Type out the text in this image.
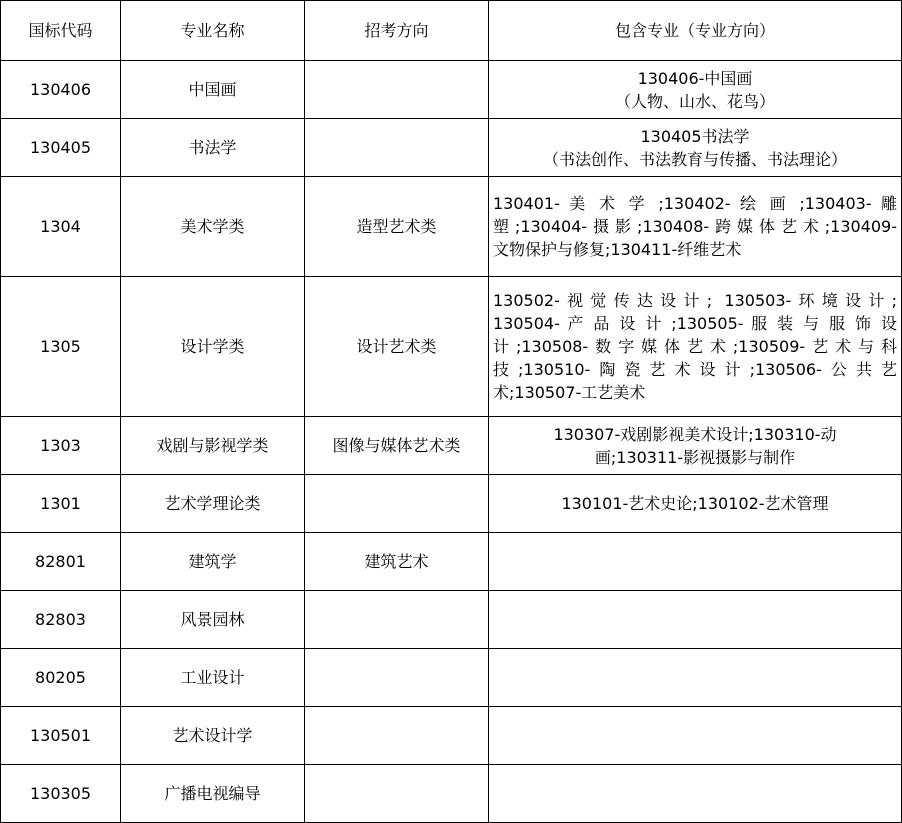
国标代码	专业名称	招考方向	包含专业（专业方向）
130406	中国画		130406-中国画
（人物、山水、花鸟）

130405	书法学		130405书法学
（书法创作、书法教育与传播、书法理论）

1304	美术学类	造型艺术类	130401- 美 术 学 ;130402- 绘 画 ;130403- 雕
塑;130404-摄影;130408-跨媒体艺术;130409-
文物保护与修复;130411-纤维艺术

1305	设计学类	设计艺术类	130502-视觉传达设计; 130503-环境设计;
130504- 产 品 设 计 ;130505- 服 装 与 服 饰 设
计;130508-数字媒体艺术;130509-艺术与科
技;130510-陶瓷艺术设计;130506-公共艺
术;130507-工艺美术

1303	戏剧与影视学类	图像与媒体艺术类	130307-戏剧影视美术设计;130310-动
画;130311-影视摄影与制作

1301	艺术学理论类		130101-艺术史论;130102-艺术管理

82801	建筑学	建筑艺术	
82803	风景园林		
80205	工业设计		
130501	艺术设计学		
130305	广播电视编导		
